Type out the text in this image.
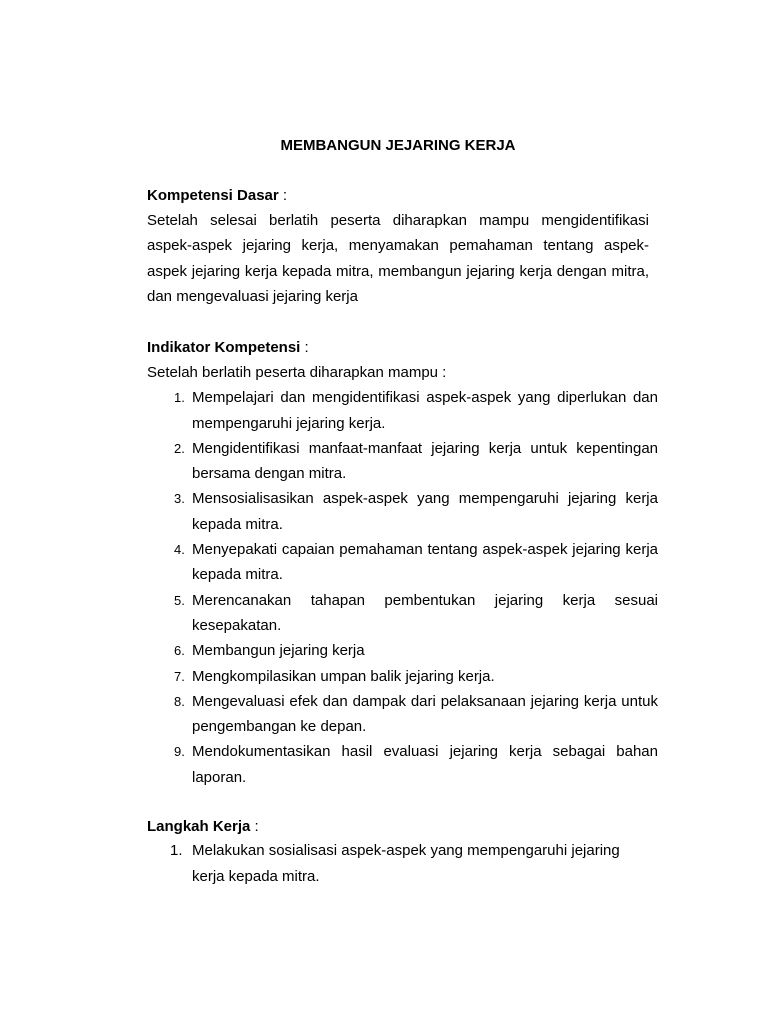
MEMBANGUN JEJARING KERJA

Kompetensi Dasar :

Setelah selesai berlatih peserta diharapkan mampu mengidentifikasi aspek-aspek jejaring kerja, menyamakan pemahaman tentang aspek-aspek jejaring kerja kepada mitra, membangun jejaring kerja dengan mitra, dan mengevaluasi jejaring kerja

Indikator Kompetensi :

Setelah berlatih peserta diharapkan mampu :

1. Mempelajari dan mengidentifikasi aspek-aspek yang diperlukan dan mempengaruhi jejaring kerja.
2. Mengidentifikasi manfaat-manfaat jejaring kerja untuk kepentingan bersama dengan mitra.
3. Mensosialisasikan aspek-aspek yang mempengaruhi jejaring kerja kepada mitra.
4. Menyepakati capaian pemahaman tentang aspek-aspek jejaring kerja kepada mitra.
5. Merencanakan tahapan pembentukan jejaring kerja sesuai kesepakatan.
6. Membangun jejaring kerja
7. Mengkompilasikan umpan balik jejaring kerja.
8. Mengevaluasi efek dan dampak dari pelaksanaan jejaring kerja untuk pengembangan ke depan.
9. Mendokumentasikan hasil evaluasi jejaring kerja sebagai bahan laporan.

Langkah Kerja :

1. Melakukan sosialisasi aspek-aspek yang mempengaruhi jejaring kerja kepada mitra.
